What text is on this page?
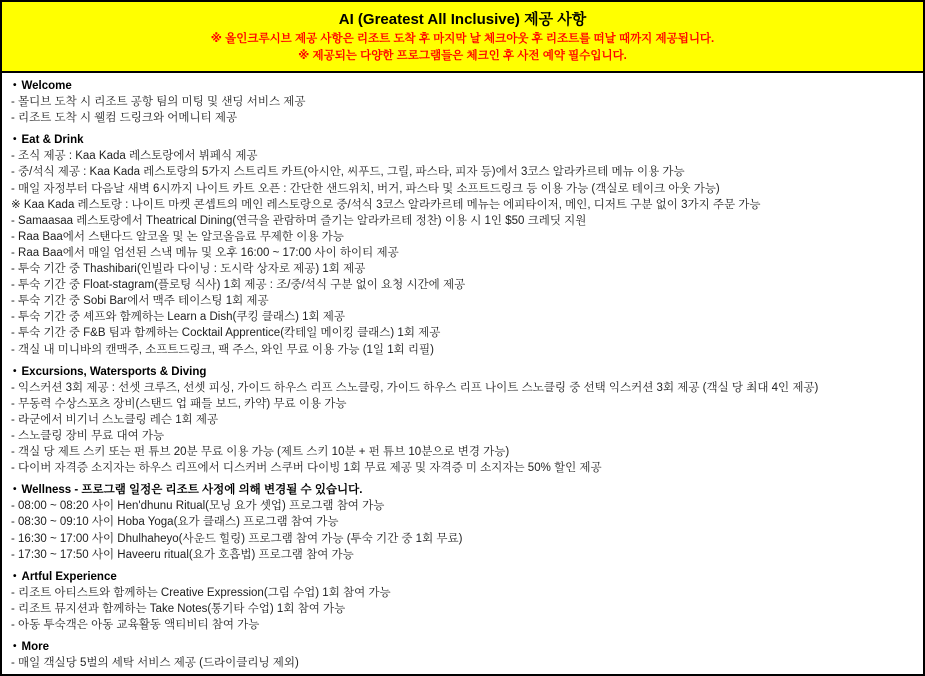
AI (Greatest All Inclusive) 제공 사항
※ 올인크루시브 제공 사항은 리조트 도착 후 마지막 날 체크아웃 후 리조트를 떠날 때까지 제공됩니다.
※ 제공되는 다양한 프로그램들은 체크인 후 사전 예약 필수입니다.
• Welcome
- 몰디브 도착 시 리조트 공항 팀의 미팅 및 샌딩 서비스 제공
- 리조트 도착 시 웰컴 드링크와 어메니티 제공
• Eat & Drink
- 조식 제공 : Kaa Kada 레스토랑에서 뷔페식 제공
- 중/석식 제공 : Kaa Kada 레스토랑의 5가지 스트리트 카트(아시안, 씨푸드, 그릴, 파스타, 피자 등)에서 3코스 알라카르테 메뉴 이용 가능
- 매일 자정부터 다음날 새벽 6시까지 나이트 카트 오픈 : 간단한 샌드위치, 버거, 파스타 및 소프트드링크 등 이용 가능 (객실로 테이크 아웃 가능)
※ Kaa Kada 레스토랑 : 나이트 마켓 콘셉트의 메인 레스토랑으로 중/석식 3코스 알라카르테 메뉴는 에피타이저, 메인, 디저트 구분 없이 3가지 주문 가능
- Samaasaa 레스토랑에서 Theatrical Dining(연극을 관람하며 즐기는 알라카르테 정찬) 이용 시 1인 $50 크레딧 지원
- Raa Baa에서 스탠다드 알코올 및 논 알코올음료 무제한 이용 가능
- Raa Baa에서 매일 엄선된 스낵 메뉴 및 오후 16:00 ~ 17:00 사이 하이티 제공
- 투숙 기간 중 Thashibari(인빌라 다이닝 : 도시락 상자로 제공) 1회 제공
- 투숙 기간 중 Float-stagram(플로팅 식사) 1회 제공 : 조/중/석식 구분 없이 요청 시간에 제공
- 투숙 기간 중 Sobi Bar에서 맥주 테이스팅 1회 제공
- 투숙 기간 중 셰프와 함께하는 Learn a Dish(쿠킹 클래스) 1회 제공
- 투숙 기간 중 F&B 팀과 함께하는 Cocktail Apprentice(칵테일 메이킹 클래스) 1회 제공
- 객실 내 미니바의 캔맥주, 소프트드링크, 팩 주스, 와인 무료 이용 가능 (1일 1회 리필)
• Excursions, Watersports & Diving
- 익스커션 3회 제공 : 선셋 크루즈, 선셋 피싱, 가이드 하우스 리프 스노클링, 가이드 하우스 리프 나이트 스노클링 중 선택 익스커션 3회 제공 (객실 당 최대 4인 제공)
- 무동력 수상스포츠 장비(스탠드 업 패들 보드, 카약) 무료 이용 가능
- 라군에서 비기너 스노클링 레슨 1회 제공
- 스노클링 장비 무료 대여 가능
- 객실 당 제트 스키 또는 펀 튜브 20분 무료 이용 가능 (제트 스키 10분 + 펀 튜브 10분으로 변경 가능)
- 다이버 자격증 소지자는 하우스 리프에서 디스커버 스쿠버 다이빙 1회 무료 제공 및 자격증 미 소지자는 50% 할인 제공
• Wellness - 프로그램 일정은 리조트 사정에 의해 변경될 수 있습니다.
- 08:00 ~ 08:20 사이 Hen'dhunu Ritual(모닝 요가 셋업) 프로그램 참여 가능
- 08:30 ~ 09:10 사이 Hoba Yoga(요가 클래스) 프로그램 참여 가능
- 16:30 ~ 17:00 사이 Dhulhaheyo(사운드 힐링) 프로그램 참여 가능 (투숙 기간 중 1회 무료)
- 17:30 ~ 17:50 사이 Haveeru ritual(요가 호흡법) 프로그램 참여 가능
• Artful Experience
- 리조트 아티스트와 함께하는 Creative Expression(그림 수업) 1회 참여 가능
- 리조트 뮤지션과 함께하는 Take Notes(통기타 수업) 1회 참여 가능
- 아동 투숙객은 아동 교육활동 액티비티 참여 가능
• More
- 매일 객실당 5벌의 세탁 서비스 제공 (드라이클리닝 제외)
